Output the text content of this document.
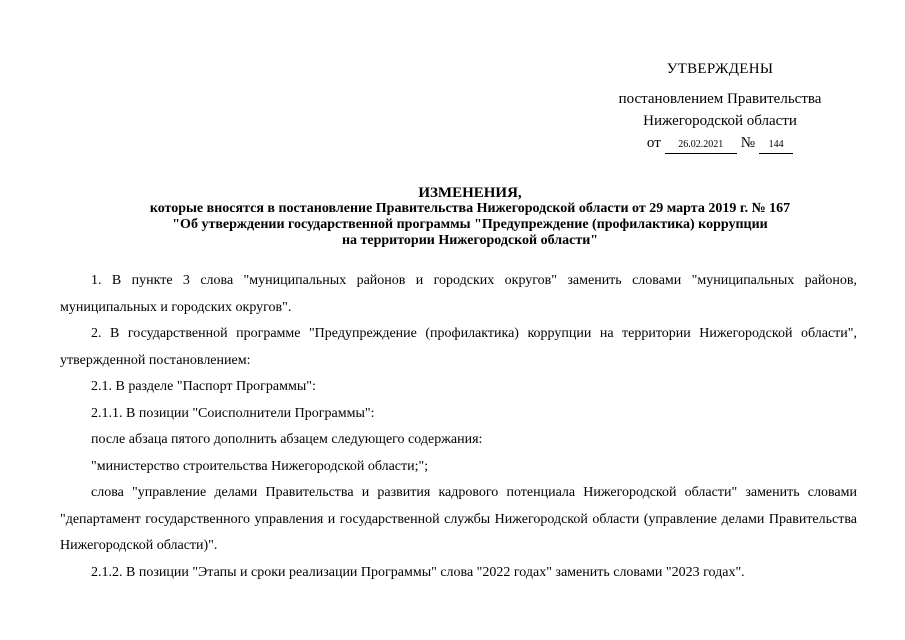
УТВЕРЖДЕНЫ
постановлением Правительства
Нижегородской области
от	26.02.2021	№	144
ИЗМЕНЕНИЯ,
которые вносятся в постановление Правительства Нижегородской области от 29 марта 2019 г. № 167
"Об утверждении государственной программы "Предупреждение (профилактика) коррупции
на территории Нижегородской области"

1. В пункте 3 слова "муниципальных районов и городских округов" заменить словами "муниципальных районов, муниципальных и городских округов".

2. В государственной программе "Предупреждение (профилактика) коррупции на территории Нижегородской области", утвержденной постановлением:

2.1. В разделе "Паспорт Программы":

2.1.1. В позиции "Соисполнители Программы":

после абзаца пятого дополнить абзацем следующего содержания:

"министерство строительства Нижегородской области;";

слова "управление делами Правительства и развития кадрового потенциала Нижегородской области" заменить словами "департамент государственного управления и государственной службы Нижегородской области (управление делами Правительства Нижегородской области)".

2.1.2. В позиции "Этапы и сроки реализации Программы" слова "2022 годах" заменить словами "2023 годах".
